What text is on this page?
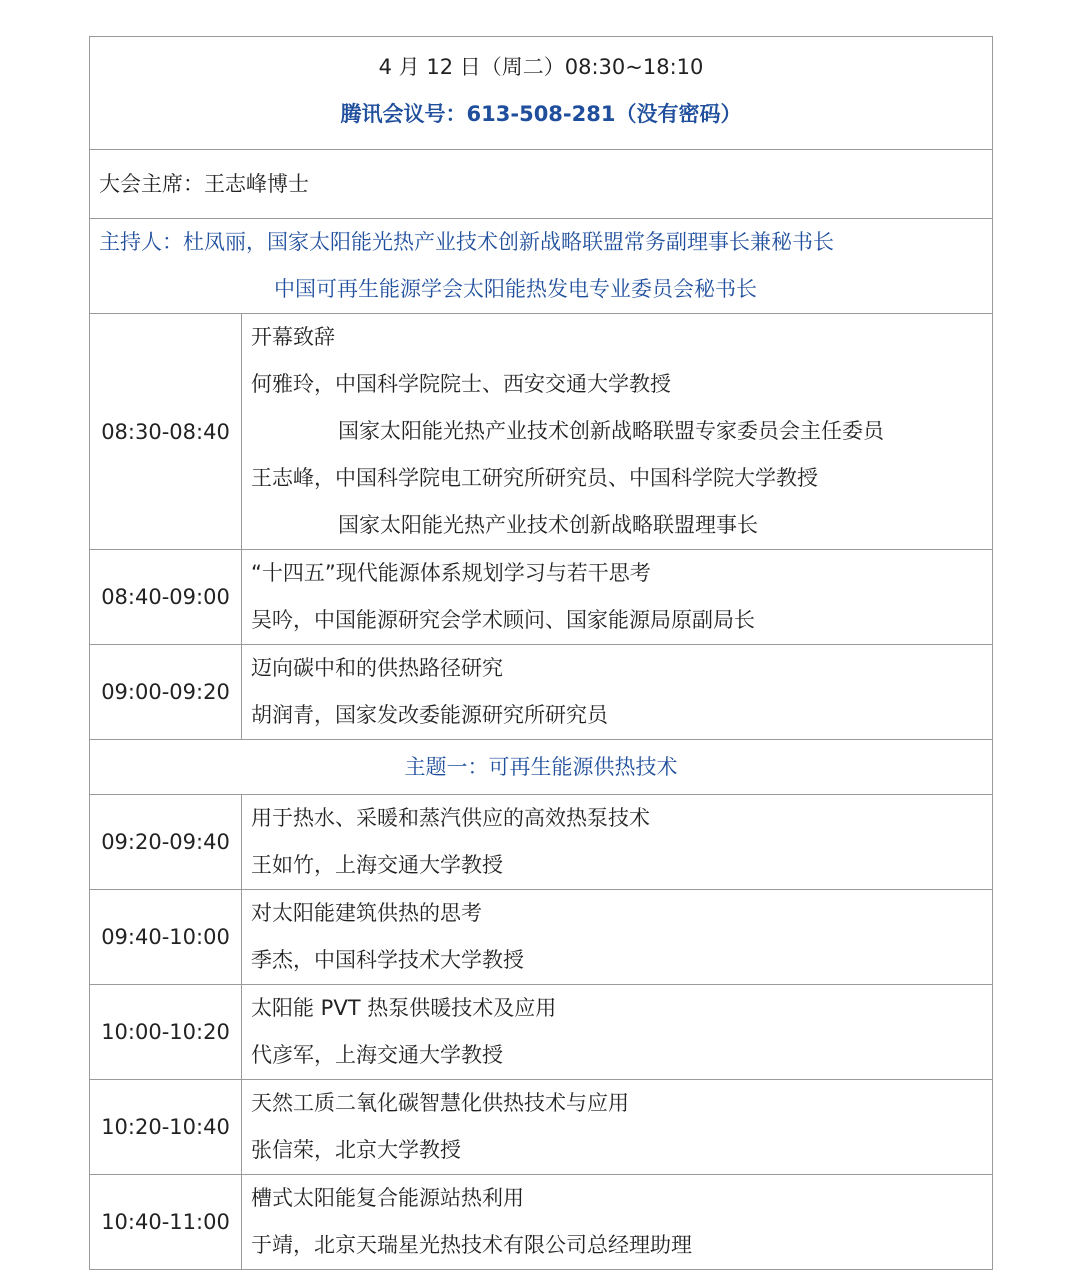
4 月 12 日（周二）08:30~18:10
腾讯会议号：613-508-281（没有密码）	

大会主席：王志峰博士	

主持人：杜凤丽，国家太阳能光热产业技术创新战略联盟常务副理事长兼秘书长
中国可再生能源学会太阳能热发电专业委员会秘书长	

08:30-08:40	开幕致辞
何雅玲，中国科学院院士、西安交通大学教授
国家太阳能光热产业技术创新战略联盟专家委员会主任委员
王志峰，中国科学院电工研究所研究员、中国科学院大学教授
国家太阳能光热产业技术创新战略联盟理事长

08:40-09:00	“十四五”现代能源体系规划学习与若干思考
吴吟，中国能源研究会学术顾问、国家能源局原副局长

09:00-09:20	迈向碳中和的供热路径研究
胡润青，国家发改委能源研究所研究员

主题一：可再生能源供热技术	

09:20-09:40	用于热水、采暖和蒸汽供应的高效热泵技术
王如竹，上海交通大学教授

09:40-10:00	对太阳能建筑供热的思考
季杰，中国科学技术大学教授

10:00-10:20	太阳能 PVT 热泵供暖技术及应用
代彦军，上海交通大学教授

10:20-10:40	天然工质二氧化碳智慧化供热技术与应用
张信荣，北京大学教授

10:40-11:00	槽式太阳能复合能源站热利用
于靖，北京天瑞星光热技术有限公司总经理助理
